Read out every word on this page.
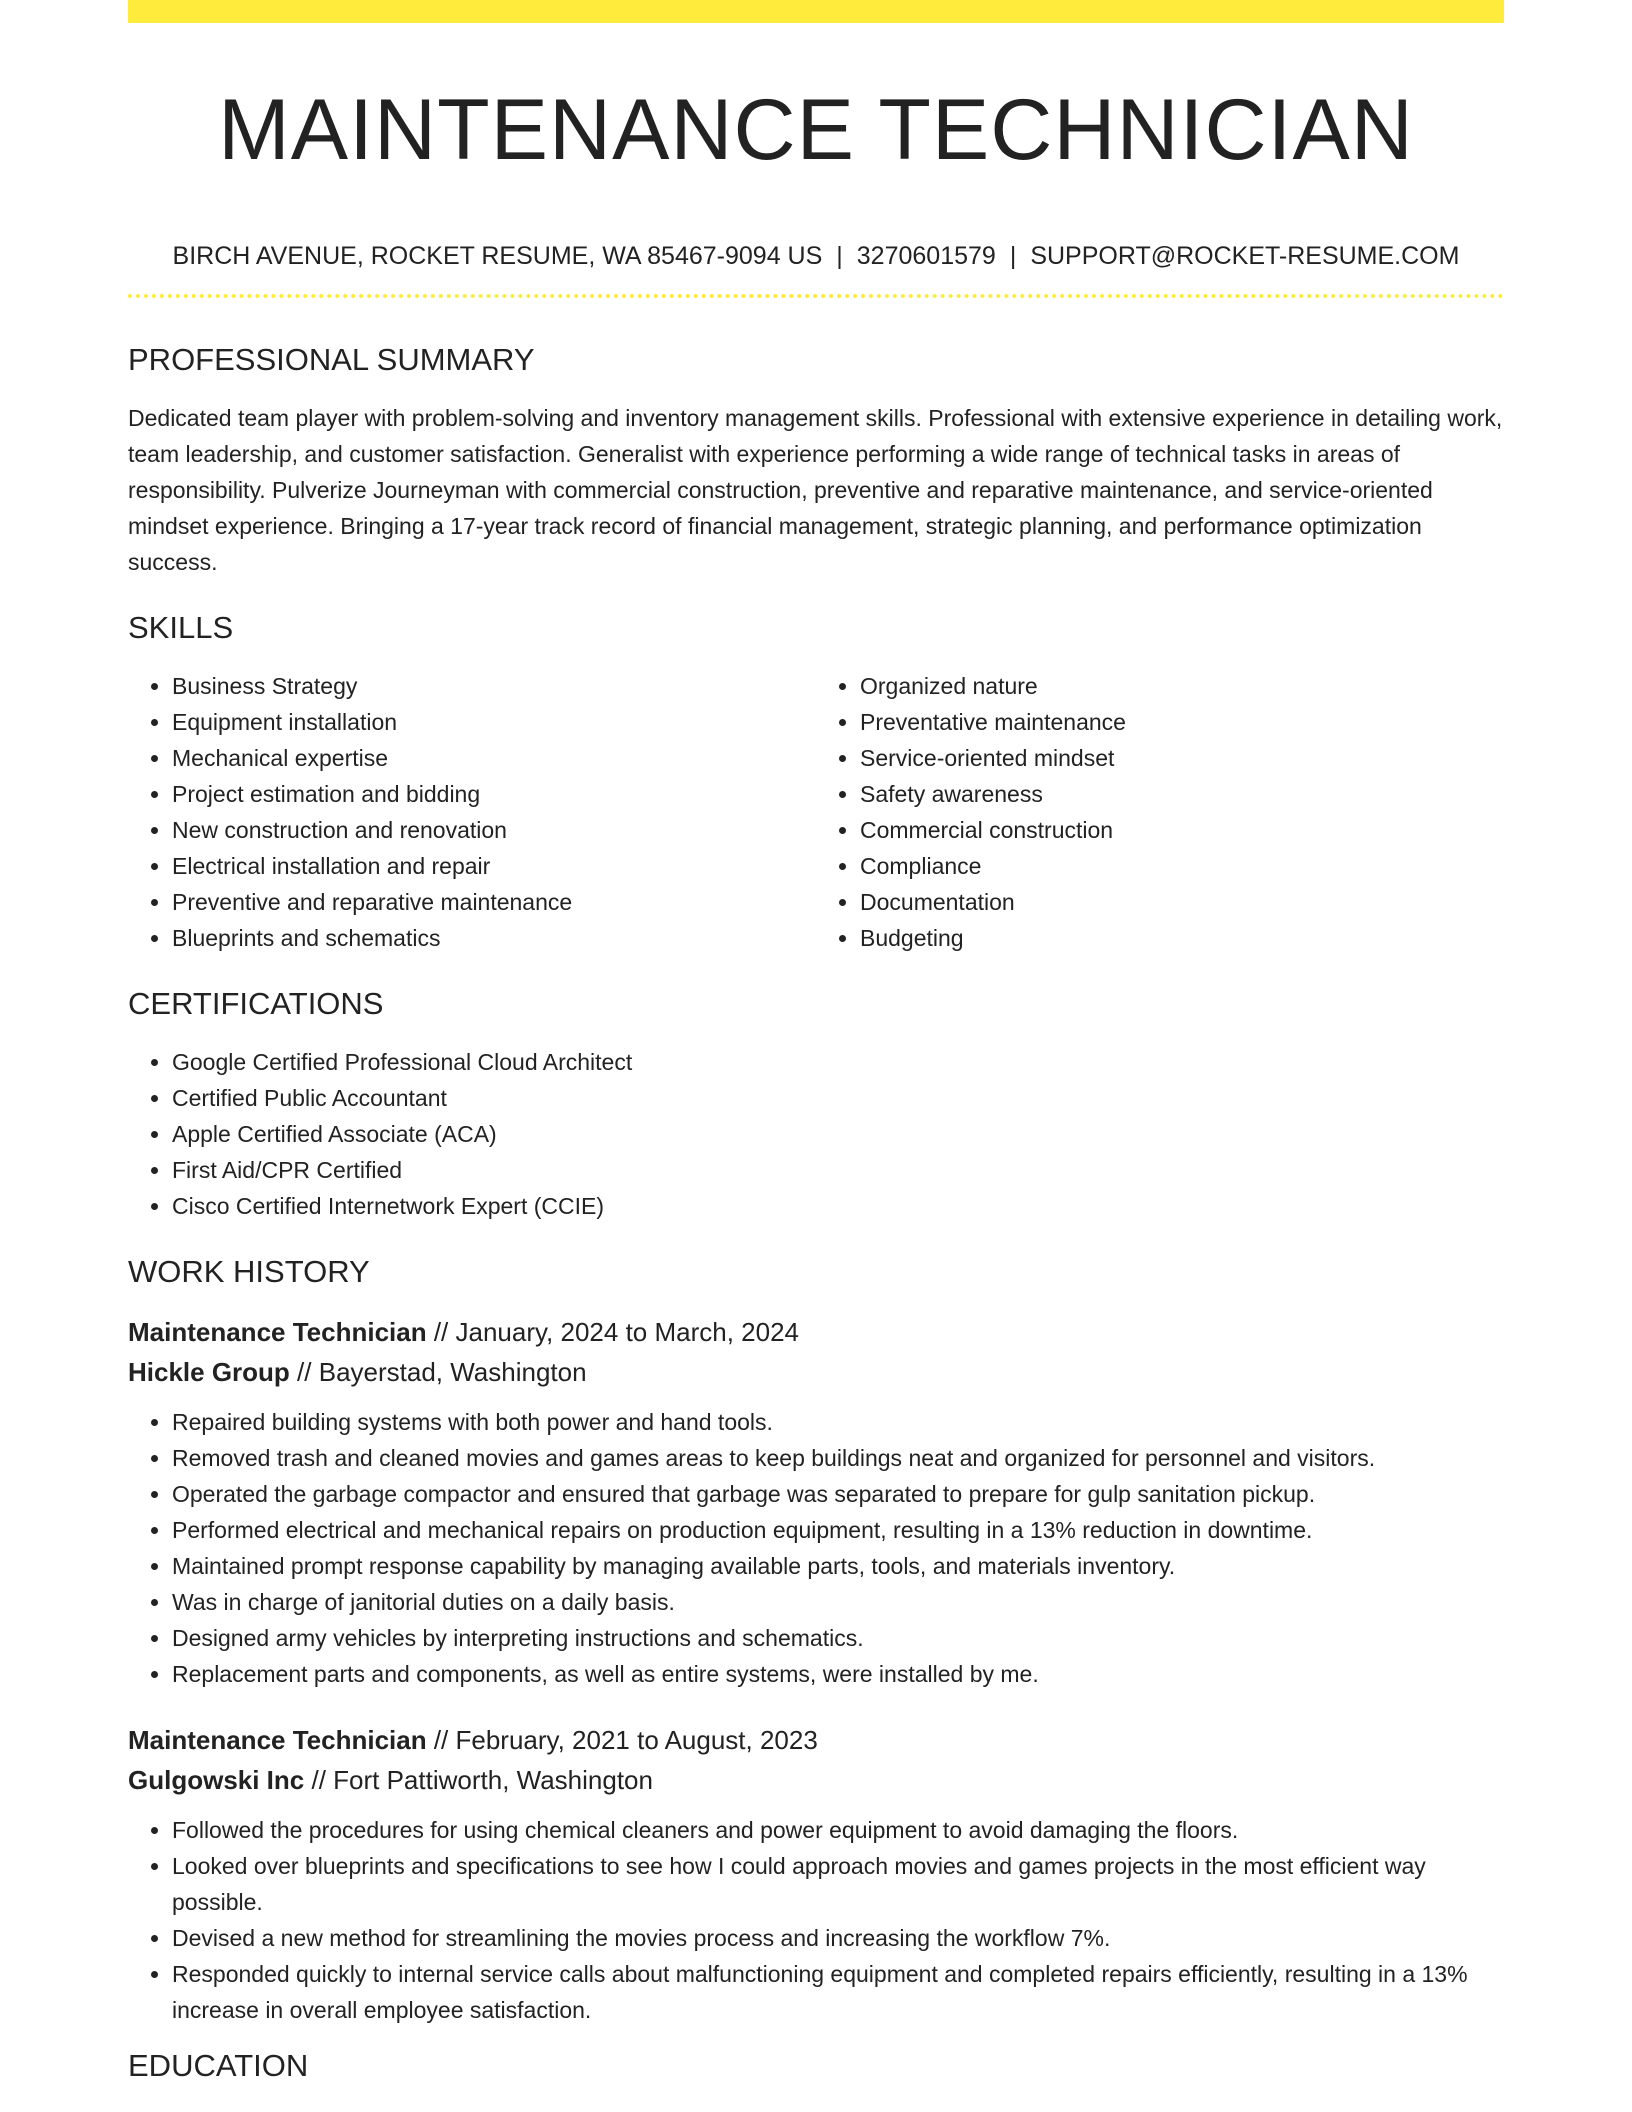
MAINTENANCE TECHNICIAN
BIRCH AVENUE, ROCKET RESUME, WA 85467-9094 US | 3270601579 | SUPPORT@ROCKET-RESUME.COM
PROFESSIONAL SUMMARY

Dedicated team player with problem-solving and inventory management skills. Professional with extensive experience in detailing work, team leadership, and customer satisfaction. Generalist with experience performing a wide range of technical tasks in areas of responsibility. Pulverize Journeyman with commercial construction, preventive and reparative maintenance, and service-oriented mindset experience. Bringing a 17-year track record of financial management, strategic planning, and performance optimization success.

SKILLS
• Business Strategy
• Equipment installation
• Mechanical expertise
• Project estimation and bidding
• New construction and renovation
• Electrical installation and repair
• Preventive and reparative maintenance
• Blueprints and schematics
• Organized nature
• Preventative maintenance
• Service-oriented mindset
• Safety awareness
• Commercial construction
• Compliance
• Documentation
• Budgeting
CERTIFICATIONS
• Google Certified Professional Cloud Architect
• Certified Public Accountant
• Apple Certified Associate (ACA)
• First Aid/CPR Certified
• Cisco Certified Internetwork Expert (CCIE)
WORK HISTORY
Maintenance Technician // January, 2024 to March, 2024
Hickle Group // Bayerstad, Washington
• Repaired building systems with both power and hand tools.
• Removed trash and cleaned movies and games areas to keep buildings neat and organized for personnel and visitors.
• Operated the garbage compactor and ensured that garbage was separated to prepare for gulp sanitation pickup.
• Performed electrical and mechanical repairs on production equipment, resulting in a 13% reduction in downtime.
• Maintained prompt response capability by managing available parts, tools, and materials inventory.
• Was in charge of janitorial duties on a daily basis.
• Designed army vehicles by interpreting instructions and schematics.
• Replacement parts and components, as well as entire systems, were installed by me.
Maintenance Technician // February, 2021 to August, 2023
Gulgowski Inc // Fort Pattiworth, Washington
• Followed the procedures for using chemical cleaners and power equipment to avoid damaging the floors.
• Looked over blueprints and specifications to see how I could approach movies and games projects in the most efficient way possible.
• Devised a new method for streamlining the movies process and increasing the workflow 7%.
• Responded quickly to internal service calls about malfunctioning equipment and completed repairs efficiently, resulting in a 13% increase in overall employee satisfaction.
EDUCATION
